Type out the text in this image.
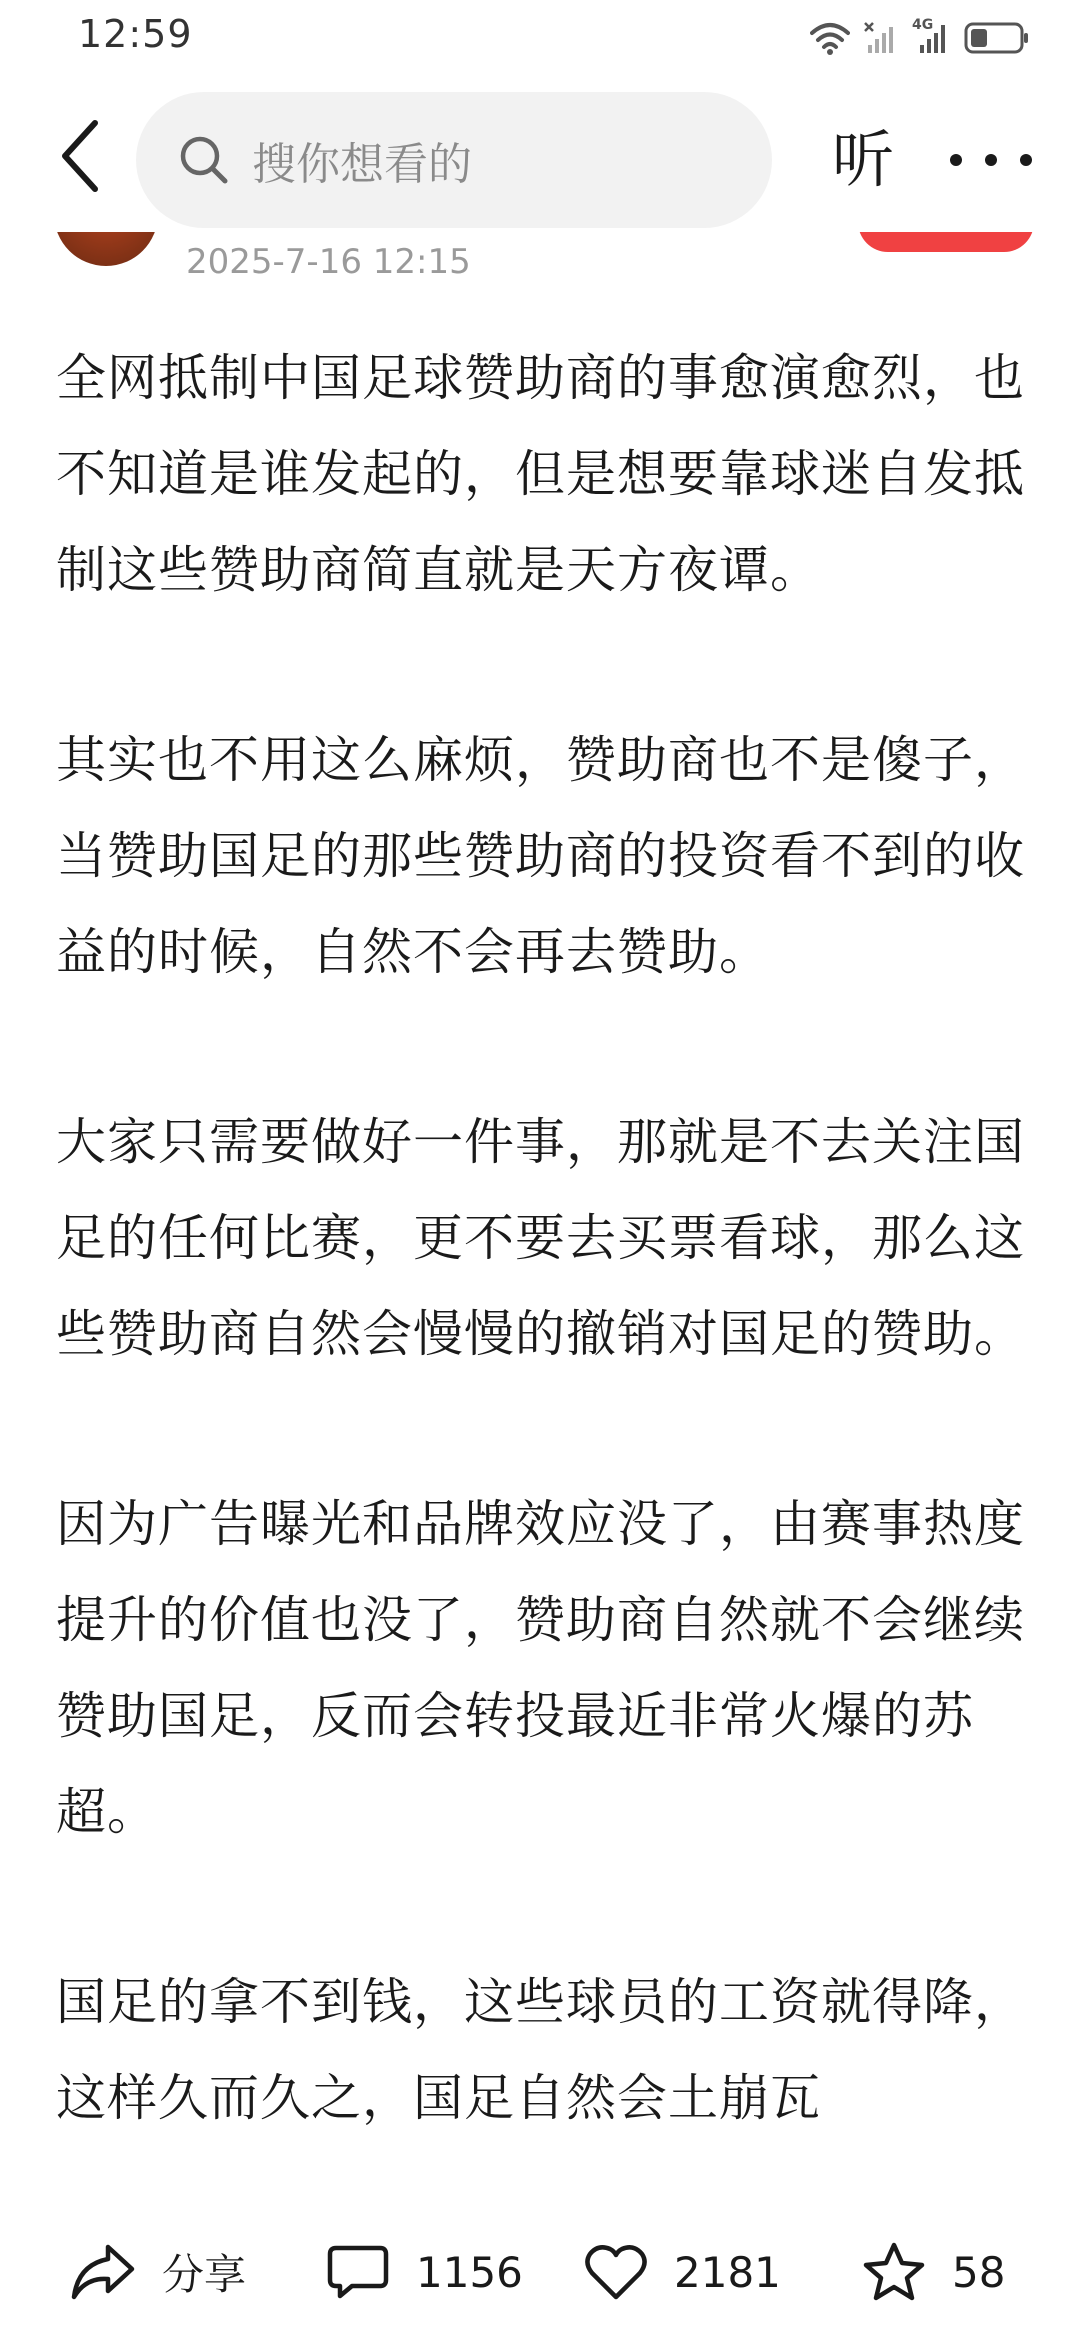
12:59	4G
搜你想看的	听
2025-7-16 12:15

全网抵制中国足球赞助商的事愈演愈烈，也不知道是谁发起的，但是想要靠球迷自发抵制这些赞助商简直就是天方夜谭。

其实也不用这么麻烦，赞助商也不是傻子，当赞助国足的那些赞助商的投资看不到的收益的时候，自然不会再去赞助。

大家只需要做好一件事，那就是不去关注国足的任何比赛，更不要去买票看球，那么这些赞助商自然会慢慢的撤销对国足的赞助。

因为广告曝光和品牌效应没了，由赛事热度提升的价值也没了，赞助商自然就不会继续赞助国足，反而会转投最近非常火爆的苏超。

国足的拿不到钱，这些球员的工资就得降，这样久而久之，国足自然会土崩瓦

分享	1156	2181	58
